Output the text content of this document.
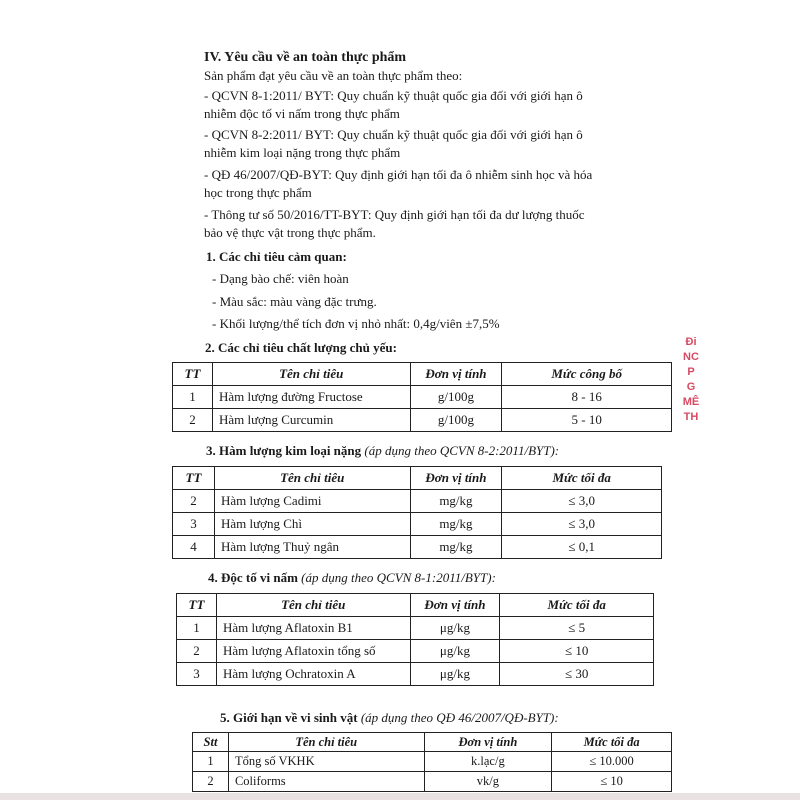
IV. Yêu cầu về an toàn thực phẩm
Sản phẩm đạt yêu cầu về an toàn thực phẩm theo:
- QCVN 8-1:2011/ BYT: Quy chuẩn kỹ thuật quốc gia đối với giới hạn ô
nhiễm độc tố vi nấm trong thực phẩm
- QCVN 8-2:2011/ BYT: Quy chuẩn kỹ thuật quốc gia đối với giới hạn ô
nhiễm kim loại nặng trong thực phẩm
- QĐ 46/2007/QĐ-BYT: Quy định giới hạn tối đa ô nhiễm sinh học và hóa
học trong thực phẩm
- Thông tư số 50/2016/TT-BYT: Quy định giới hạn tối đa dư lượng thuốc
bảo vệ thực vật trong thực phẩm.
1. Các chỉ tiêu cảm quan:
- Dạng bào chế: viên hoàn
- Màu sắc: màu vàng đặc trưng.
- Khối lượng/thể tích đơn vị nhỏ nhất: 0,4g/viên ±7,5%
2. Các chỉ tiêu chất lượng chủ yếu:
TT	Tên chỉ tiêu	Đơn vị tính	Mức công bố
1	Hàm lượng đường Fructose	g/100g	8 - 16
2	Hàm lượng Curcumin	g/100g	5 - 10
3. Hàm lượng kim loại nặng (áp dụng theo QCVN 8-2:2011/BYT):
TT	Tên chỉ tiêu	Đơn vị tính	Mức tối đa
2	Hàm lượng Cadimi	mg/kg	≤ 3,0
3	Hàm lượng Chì	mg/kg	≤ 3,0
4	Hàm lượng Thuỷ ngân	mg/kg	≤ 0,1
4. Độc tố vi nấm (áp dụng theo QCVN 8-1:2011/BYT):
TT	Tên chỉ tiêu	Đơn vị tính	Mức tối đa
1	Hàm lượng Aflatoxin B1	μg/kg	≤ 5
2	Hàm lượng Aflatoxin tổng số	μg/kg	≤ 10
3	Hàm lượng Ochratoxin A	μg/kg	≤ 30
5. Giới hạn về vi sinh vật (áp dụng theo QĐ 46/2007/QĐ-BYT):
Stt	Tên chỉ tiêu	Đơn vị tính	Mức tối đa
1	Tổng số VKHK	k.lạc/g	≤ 10.000
2	Coliforms	vk/g	≤ 10
Đi
NC
P
G
MÊ
TH
